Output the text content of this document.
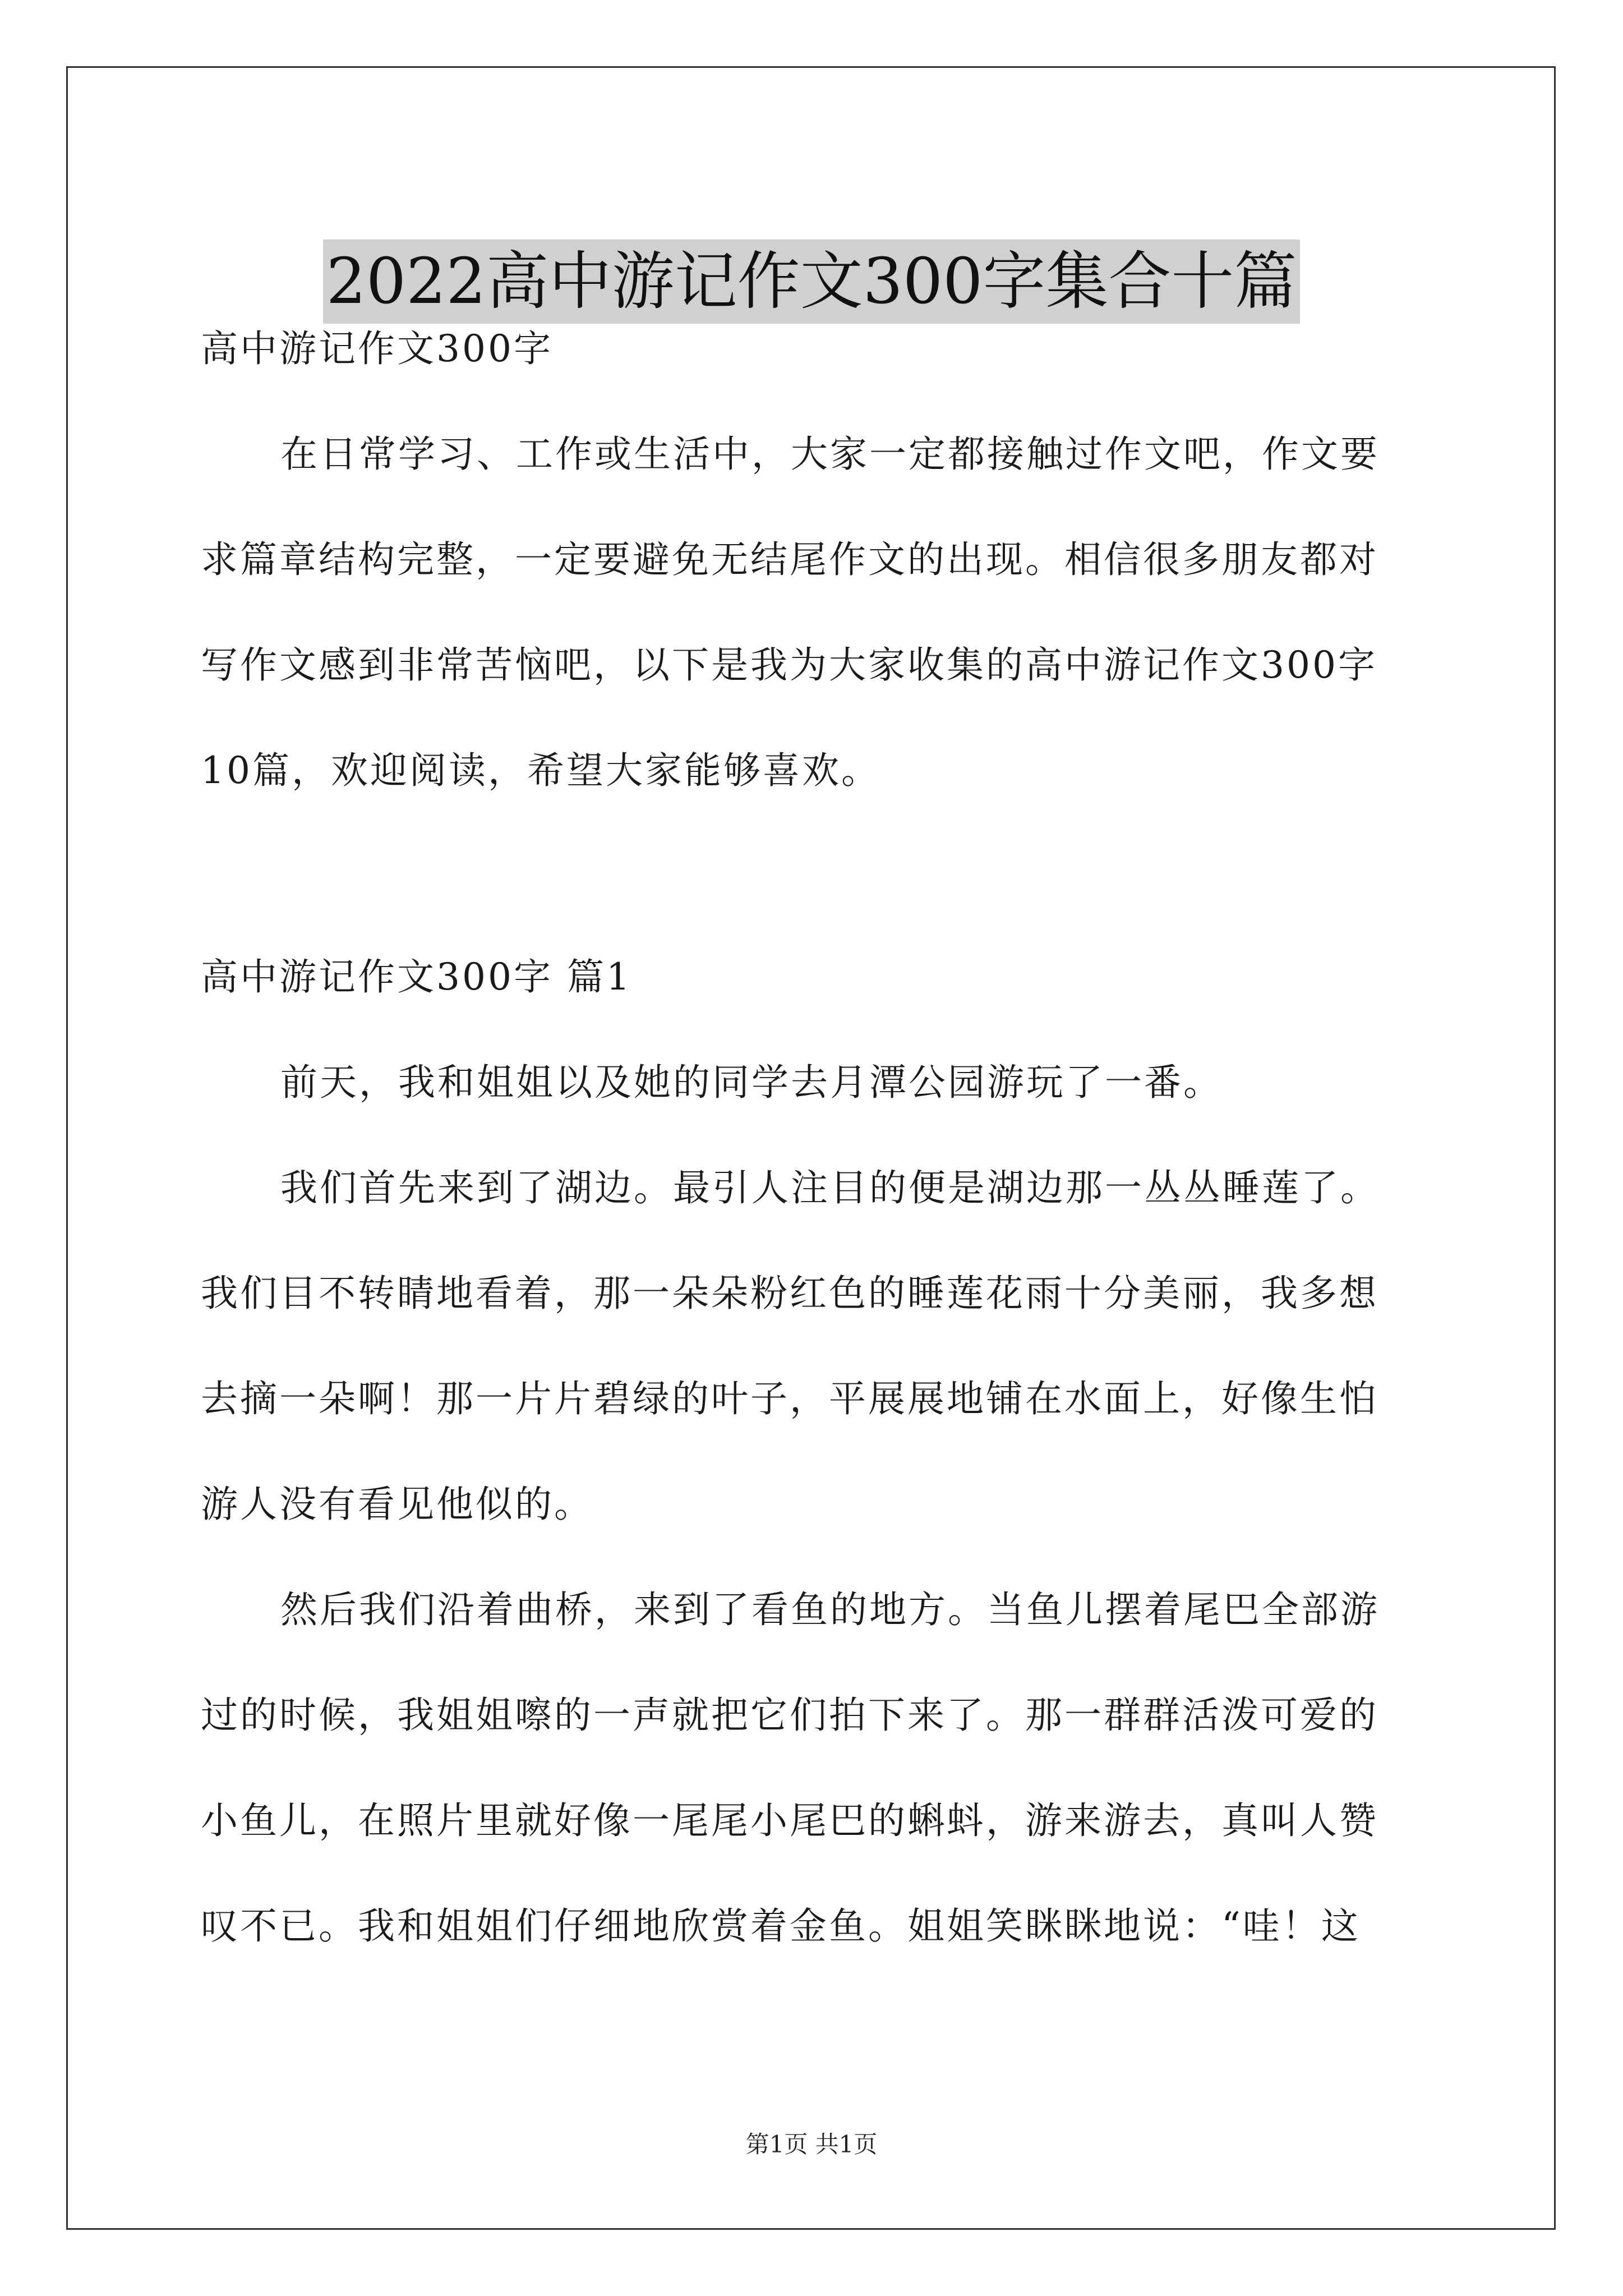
2022高中游记作文300字集合十篇
高中游记作文300字
在日常学习、工作或生活中，大家一定都接触过作文吧，作文要
求篇章结构完整，一定要避免无结尾作文的出现。相信很多朋友都对
写作文感到非常苦恼吧，以下是我为大家收集的高中游记作文300字
10篇，欢迎阅读，希望大家能够喜欢。
高中游记作文300字 篇1
前天，我和姐姐以及她的同学去月潭公园游玩了一番。
我们首先来到了湖边。最引人注目的便是湖边那一丛丛睡莲了。
我们目不转睛地看着，那一朵朵粉红色的睡莲花雨十分美丽，我多想
去摘一朵啊！那一片片碧绿的叶子，平展展地铺在水面上，好像生怕
游人没有看见他似的。
然后我们沿着曲桥，来到了看鱼的地方。当鱼儿摆着尾巴全部游
过的时候，我姐姐嚓的一声就把它们拍下来了。那一群群活泼可爱的
小鱼儿，在照片里就好像一尾尾小尾巴的蝌蚪，游来游去，真叫人赞
叹不已。我和姐姐们仔细地欣赏着金鱼。姐姐笑眯眯地说：“哇！这
第1页 共1页
